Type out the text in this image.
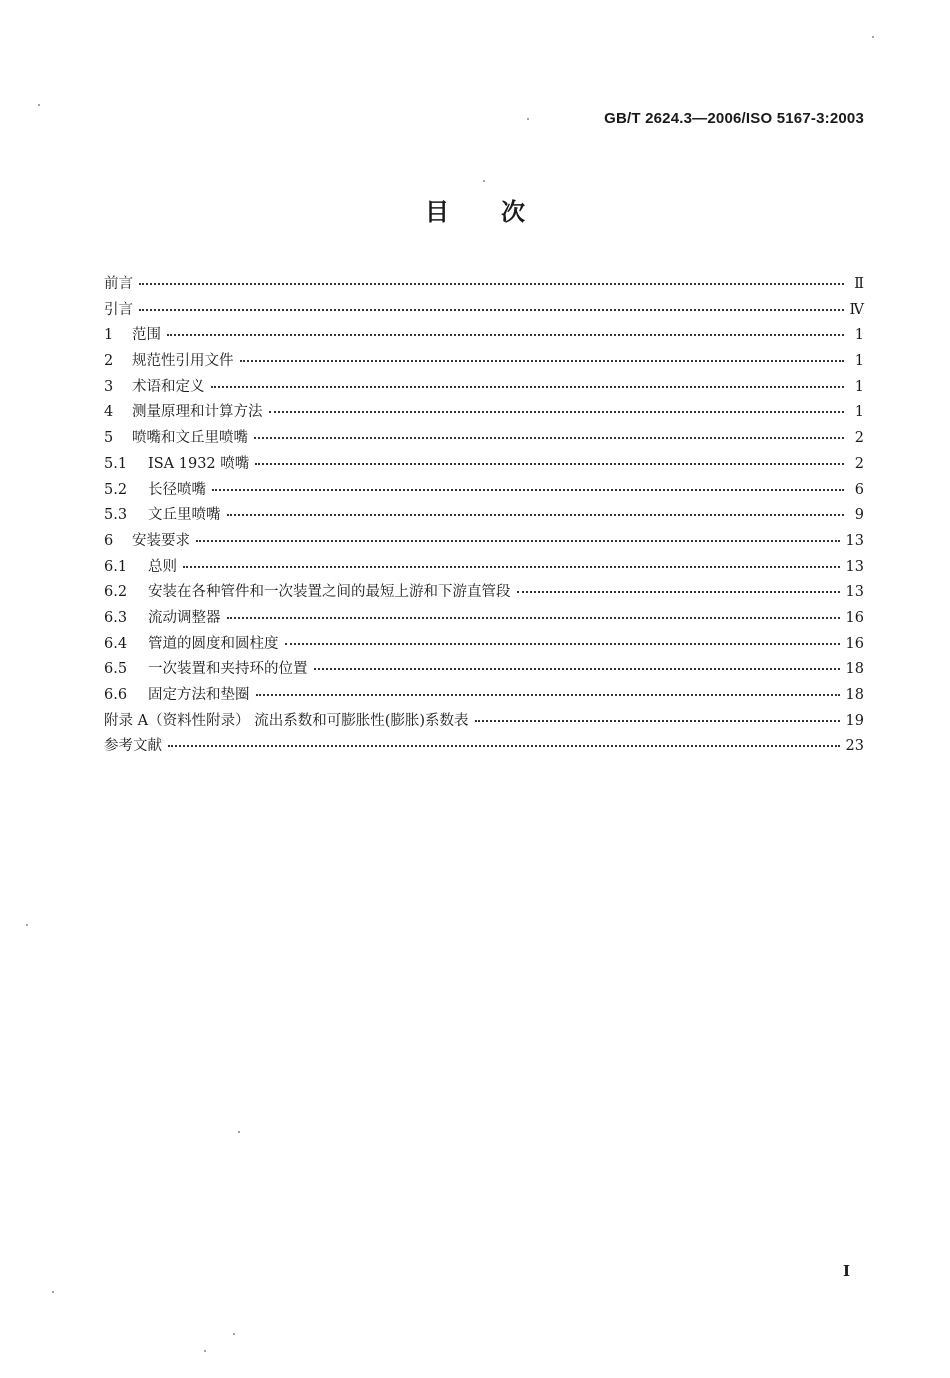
GB/T 2624.3—2006/ISO 5167-3:2003
目次
前言	Ⅱ
引言	Ⅳ
1	范围	1
2	规范性引用文件	1
3	术语和定义	1
4	测量原理和计算方法	1
5	喷嘴和文丘里喷嘴	2
5.1	ISA 1932 喷嘴	2
5.2	长径喷嘴	6
5.3	文丘里喷嘴	9
6	安装要求	13
6.1	总则	13
6.2	安装在各种管件和一次装置之间的最短上游和下游直管段	13
6.3	流动调整器	16
6.4	管道的圆度和圆柱度	16
6.5	一次装置和夹持环的位置	18
6.6	固定方法和垫圈	18
附录 A（资料性附录） 流出系数和可膨胀性(膨胀)系数表	19
参考文献	23
I
